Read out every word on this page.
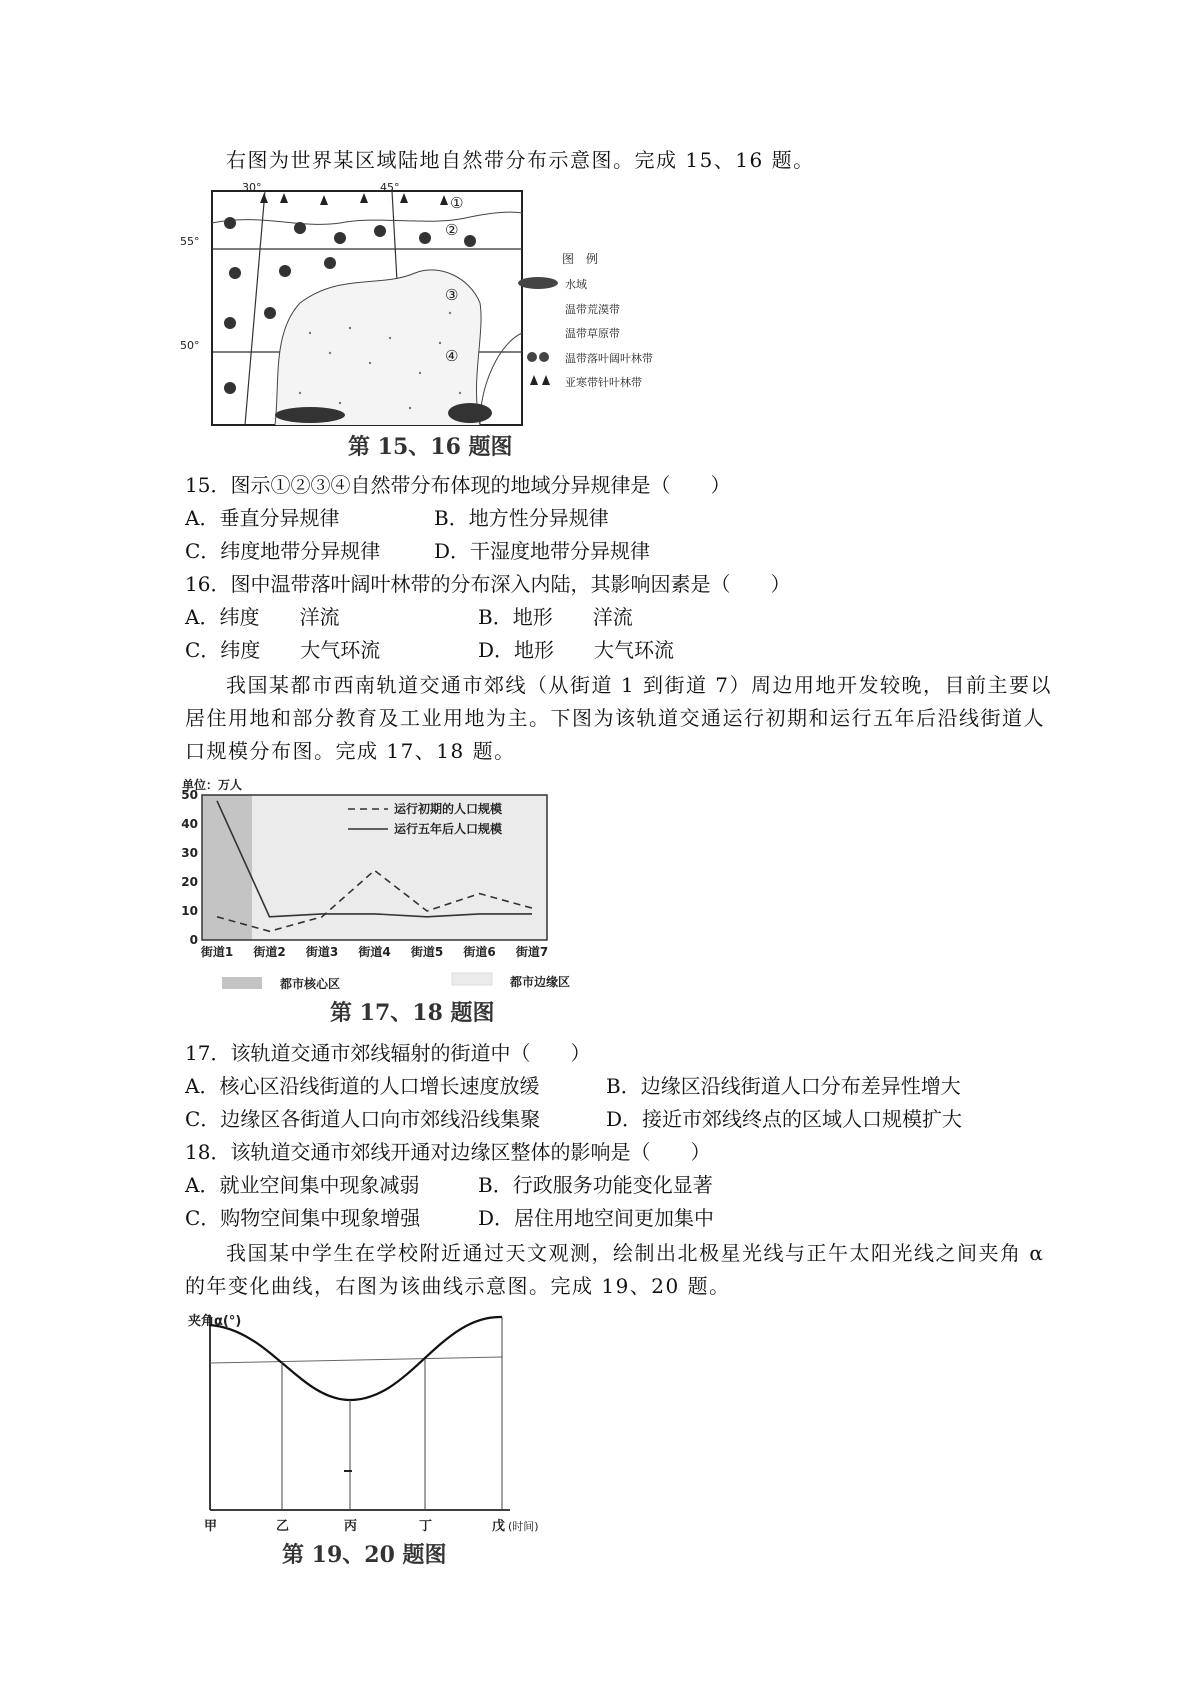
右图为世界某区域陆地自然带分布示意图。完成 15、16 题。
30°	45°
55°
50°
①
②
③
④
图　例
水域
温带荒漠带
温带草原带
温带落叶阔叶林带
亚寒带针叶林带
第 15、16 题图
15．图示①②③④自然带分布体现的地域分异规律是（　　）
A．垂直分异规律	B．地方性分异规律
C．纬度地带分异规律	D．干湿度地带分异规律
16．图中温带落叶阔叶林带的分布深入内陆，其影响因素是（　　）
A．纬度　　洋流	B．地形　　洋流
C．纬度　　大气环流	D．地形　　大气环流
我国某都市西南轨道交通市郊线（从街道 1 到街道 7）周边用地开发较晚，目前主要以
居住用地和部分教育及工业用地为主。下图为该轨道交通运行初期和运行五年后沿线街道人
口规模分布图。完成 17、18 题。
单位：万人
0
10
20
30
40
50
街道1 街道2 街道3 街道4 街道5 街道6 街道7
运行初期的人口规模
运行五年后人口规模
都市核心区	都市边缘区
第 17、18 题图
17．该轨道交通市郊线辐射的街道中（　　）
A．核心区沿线街道的人口增长速度放缓	B．边缘区沿线街道人口分布差异性增大
C．边缘区各街道人口向市郊线沿线集聚	D．接近市郊线终点的区域人口规模扩大
18．该轨道交通市郊线开通对边缘区整体的影响是（　　）
A．就业空间集中现象减弱	B．行政服务功能变化显著
C．购物空间集中现象增强	D．居住用地空间更加集中
我国某中学生在学校附近通过天文观测，绘制出北极星光线与正午太阳光线之间夹角 α
的年变化曲线，右图为该曲线示意图。完成 19、20 题。
夹角α(°)
甲	乙	丙	丁	戊 (时间)
第 19、20 题图
